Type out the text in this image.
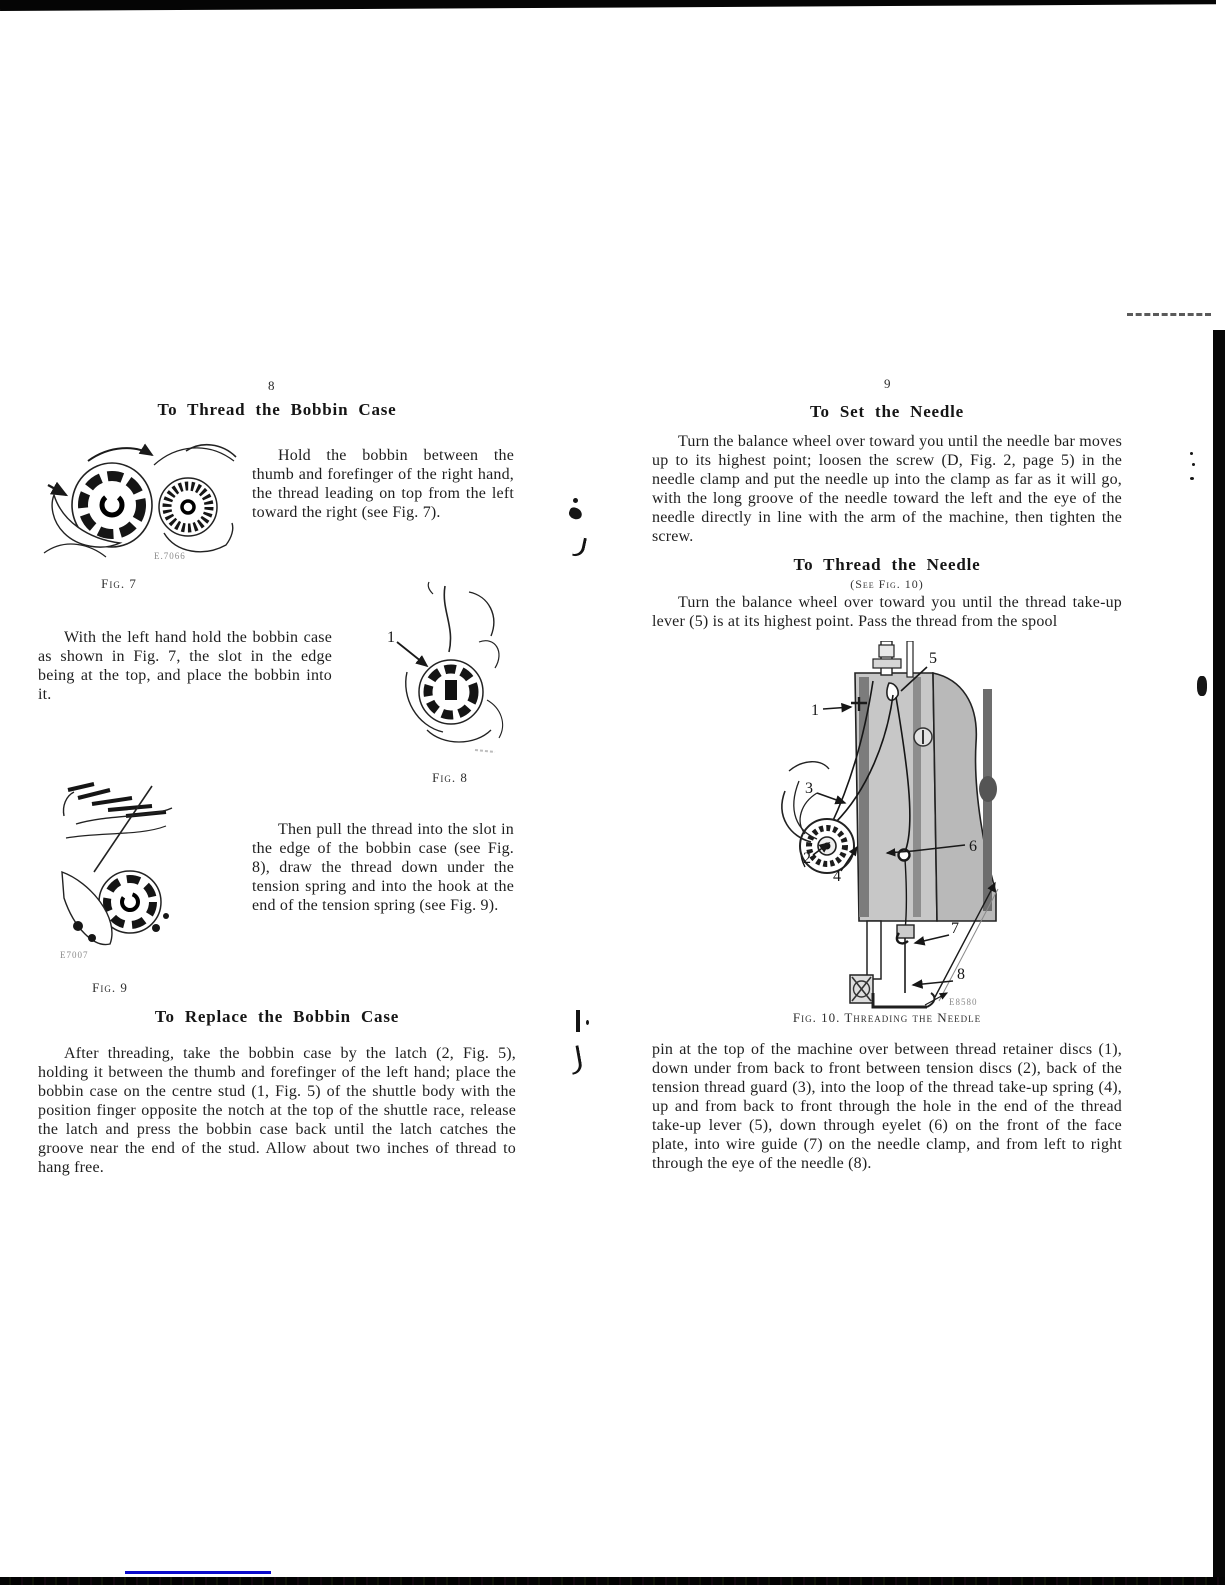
8
To Thread the Bobbin Case
E.7066
Fig. 7
Hold the bobbin between the thumb and forefinger of the right hand, the thread leading on top from the left toward the right (see Fig. 7).
With the left hand hold the bobbin case as shown in Fig. 7, the slot in the edge being at the top, and place the bobbin into it.
1
Fig. 8
E7007
Fig. 9
Then pull the thread into the slot in the edge of the bobbin case (see Fig. 8), draw the thread down under the tension spring and into the hook at the end of the tension spring (see Fig. 9).
To Replace the Bobbin Case
After threading, take the bobbin case by the latch (2, Fig. 5), holding it between the thumb and forefinger of the left hand; place the bobbin case on the centre stud (1, Fig. 5) of the shuttle body with the position finger opposite the notch at the top of the shuttle race, release the latch and press the bobbin case back until the latch catches the groove near the end of the stud. Allow about two inches of thread to hang free.
9
To Set the Needle
Turn the balance wheel over toward you until the needle bar moves up to its highest point; loosen the screw (D, Fig. 2, page 5) in the needle clamp and put the needle up into the clamp as far as it will go, with the long groove of the needle toward the left and the eye of the needle directly in line with the arm of the machine, then tighten the screw.
To Thread the Needle
(See Fig. 10)
Turn the balance wheel over toward you until the thread take-up lever (5) is at its highest point. Pass the thread from the spool
5
1
3
2
4
6
7
8
E8580
Fig. 10. Threading the Needle
pin at the top of the machine over between thread retainer discs (1), down under from back to front between tension discs (2), back of the tension thread guard (3), into the loop of the thread take-up spring (4), up and from back to front through the hole in the end of the thread take-up lever (5), down through eyelet (6) on the front of the face plate, into wire guide (7) on the needle clamp, and from left to right through the eye of the needle (8).
